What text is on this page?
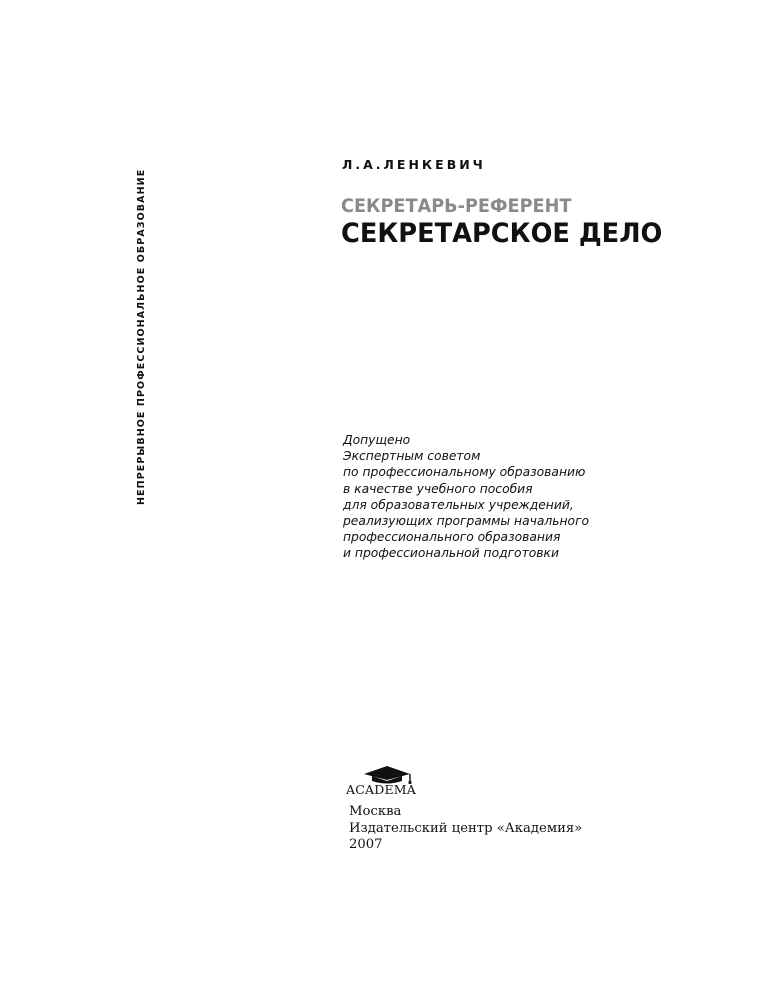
НЕПРЕРЫВНОЕ ПРОФЕССИОНАЛЬНОЕ ОБРАЗОВАНИЕ
Л.А.ЛЕНКЕВИЧ
СЕКРЕТАРЬ-РЕФЕРЕНТ
СЕКРЕТАРСКОЕ ДЕЛО
Допущено
Экспертным советом
по профессиональному образованию
в качестве учебного пособия
для образовательных учреждений,
реализующих программы начального
профессионального образования
и профессиональной подготовки
ACADEMA
Москва
Издательский центр «Академия»
2007
